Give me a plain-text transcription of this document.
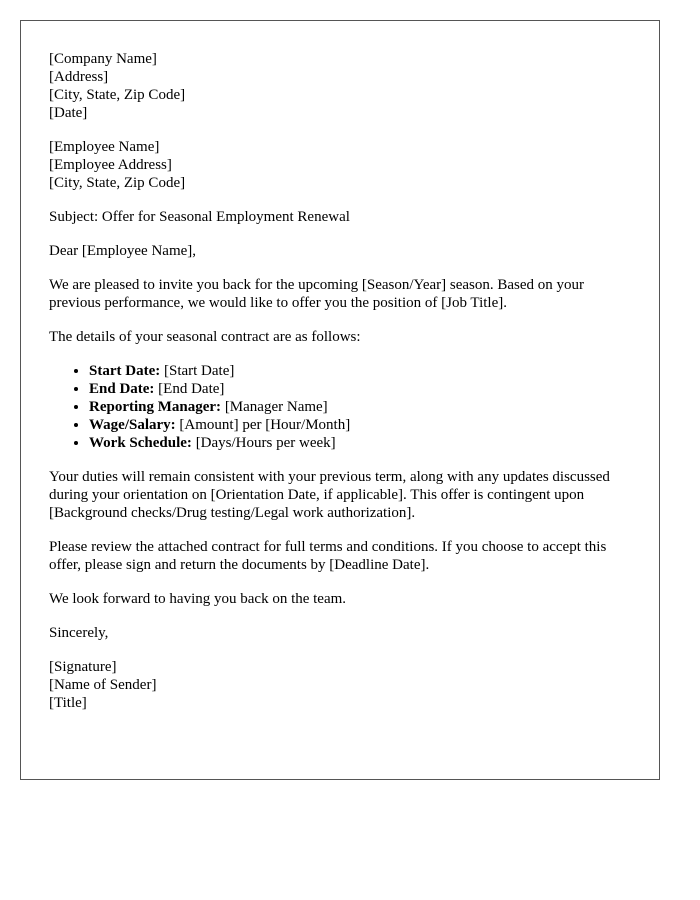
[Company Name]
[Address]
[City, State, Zip Code]
[Date]
[Employee Name]
[Employee Address]
[City, State, Zip Code]

Subject: Offer for Seasonal Employment Renewal

Dear [Employee Name],

We are pleased to invite you back for the upcoming [Season/Year] season. Based on your previous performance, we would like to offer you the position of [Job Title].

The details of your seasonal contract are as follows:

• Start Date: [Start Date]
• End Date: [End Date]
• Reporting Manager: [Manager Name]
• Wage/Salary: [Amount] per [Hour/Month]
• Work Schedule: [Days/Hours per week]

Your duties will remain consistent with your previous term, along with any updates discussed during your orientation on [Orientation Date, if applicable]. This offer is contingent upon [Background checks/Drug testing/Legal work authorization].

Please review the attached contract for full terms and conditions. If you choose to accept this offer, please sign and return the documents by [Deadline Date].

We look forward to having you back on the team.

Sincerely,

[Signature]
[Name of Sender]
[Title]
